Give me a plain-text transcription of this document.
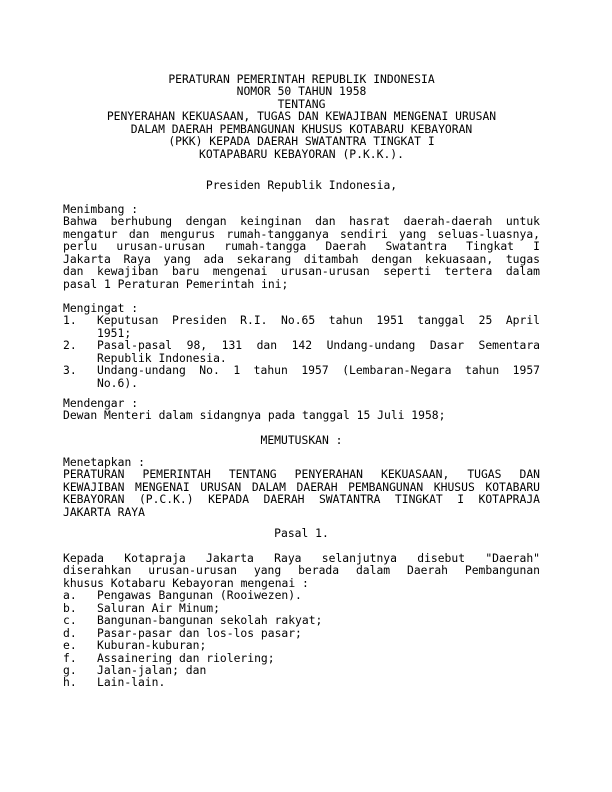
PERATURAN PEMERINTAH REPUBLIK INDONESIA
NOMOR 50 TAHUN 1958
TENTANG
PENYERAHAN KEKUASAAN, TUGAS DAN KEWAJIBAN MENGENAI URUSAN
DALAM DAERAH PEMBANGUNAN KHUSUS KOTABARU KEBAYORAN
(PKK) KEPADA DAERAH SWATANTRA TINGKAT I
KOTAPABARU KEBAYORAN (P.K.K.).
Presiden Republik Indonesia,
Menimbang :
Bahwa berhubung dengan keinginan dan hasrat daerah-daerah untuk
mengatur dan mengurus rumah-tangganya sendiri yang seluas-luasnya,
perlu urusan-urusan rumah-tangga Daerah Swatantra Tingkat I
Jakarta Raya yang ada sekarang ditambah dengan kekuasaan, tugas
dan kewajiban baru mengenai urusan-urusan seperti tertera dalam
pasal 1 Peraturan Pemerintah ini;
Mengingat :
1.	Keputusan Presiden R.I. No.65 tahun 1951 tanggal 25 April
1951;
2.	Pasal-pasal 98, 131 dan 142 Undang-undang Dasar Sementara
Republik Indonesia.
3.	Undang-undang No. 1 tahun 1957 (Lembaran-Negara tahun 1957
No.6).
Mendengar :
Dewan Menteri dalam sidangnya pada tanggal 15 Juli 1958;
MEMUTUSKAN :
Menetapkan :
PERATURAN PEMERINTAH TENTANG PENYERAHAN KEKUASAAN, TUGAS DAN
KEWAJIBAN MENGENAI URUSAN DALAM DAERAH PEMBANGUNAN KHUSUS KOTABARU
KEBAYORAN (P.C.K.) KEPADA DAERAH SWATANTRA TINGKAT I KOTAPRAJA
JAKARTA RAYA
Pasal 1.
Kepada Kotapraja Jakarta Raya selanjutnya disebut "Daerah"
diserahkan urusan-urusan yang berada dalam Daerah Pembangunan
khusus Kotabaru Kebayoran mengenai :
a.	Pengawas Bangunan (Rooiwezen).
b.	Saluran Air Minum;
c.	Bangunan-bangunan sekolah rakyat;
d.	Pasar-pasar dan los-los pasar;
e.	Kuburan-kuburan;
f.	Assainering dan riolering;
g.	Jalan-jalan; dan
h.	Lain-lain.
